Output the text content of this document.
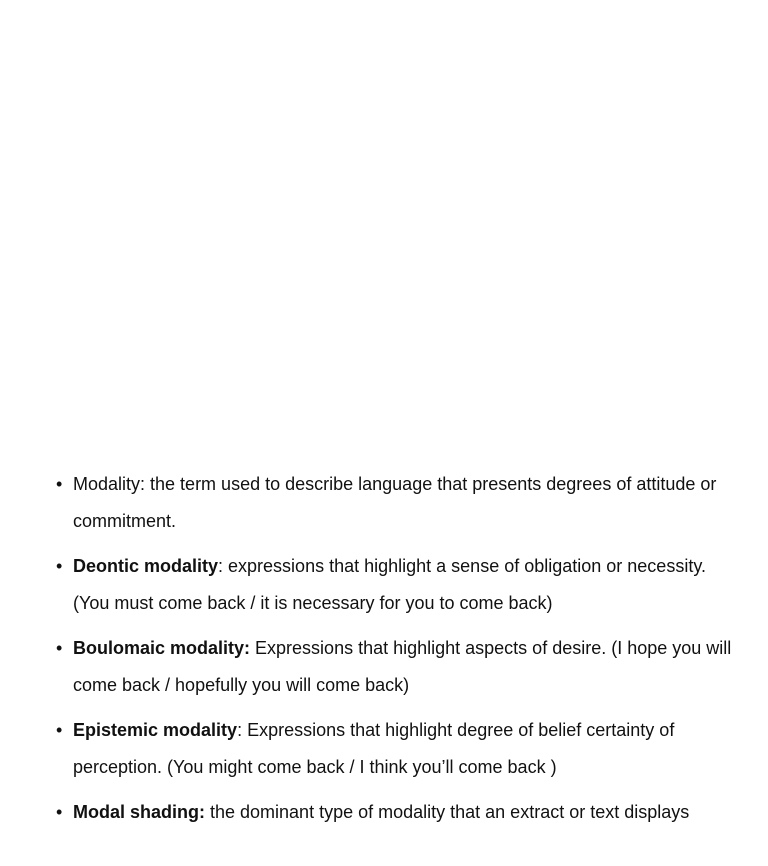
• Modality: the term used to describe language that presents degrees of attitude or commitment.
• Deontic modality: expressions that highlight a sense of obligation or necessity. (You must come back / it is necessary for you to come back)
• Boulomaic modality: Expressions that highlight aspects of desire. (I hope you will come back / hopefully you will come back)
• Epistemic modality: Expressions that highlight degree of belief certainty of perception. (You might come back / I think you’ll come back )
• Modal shading: the dominant type of modality that an extract or text displays
